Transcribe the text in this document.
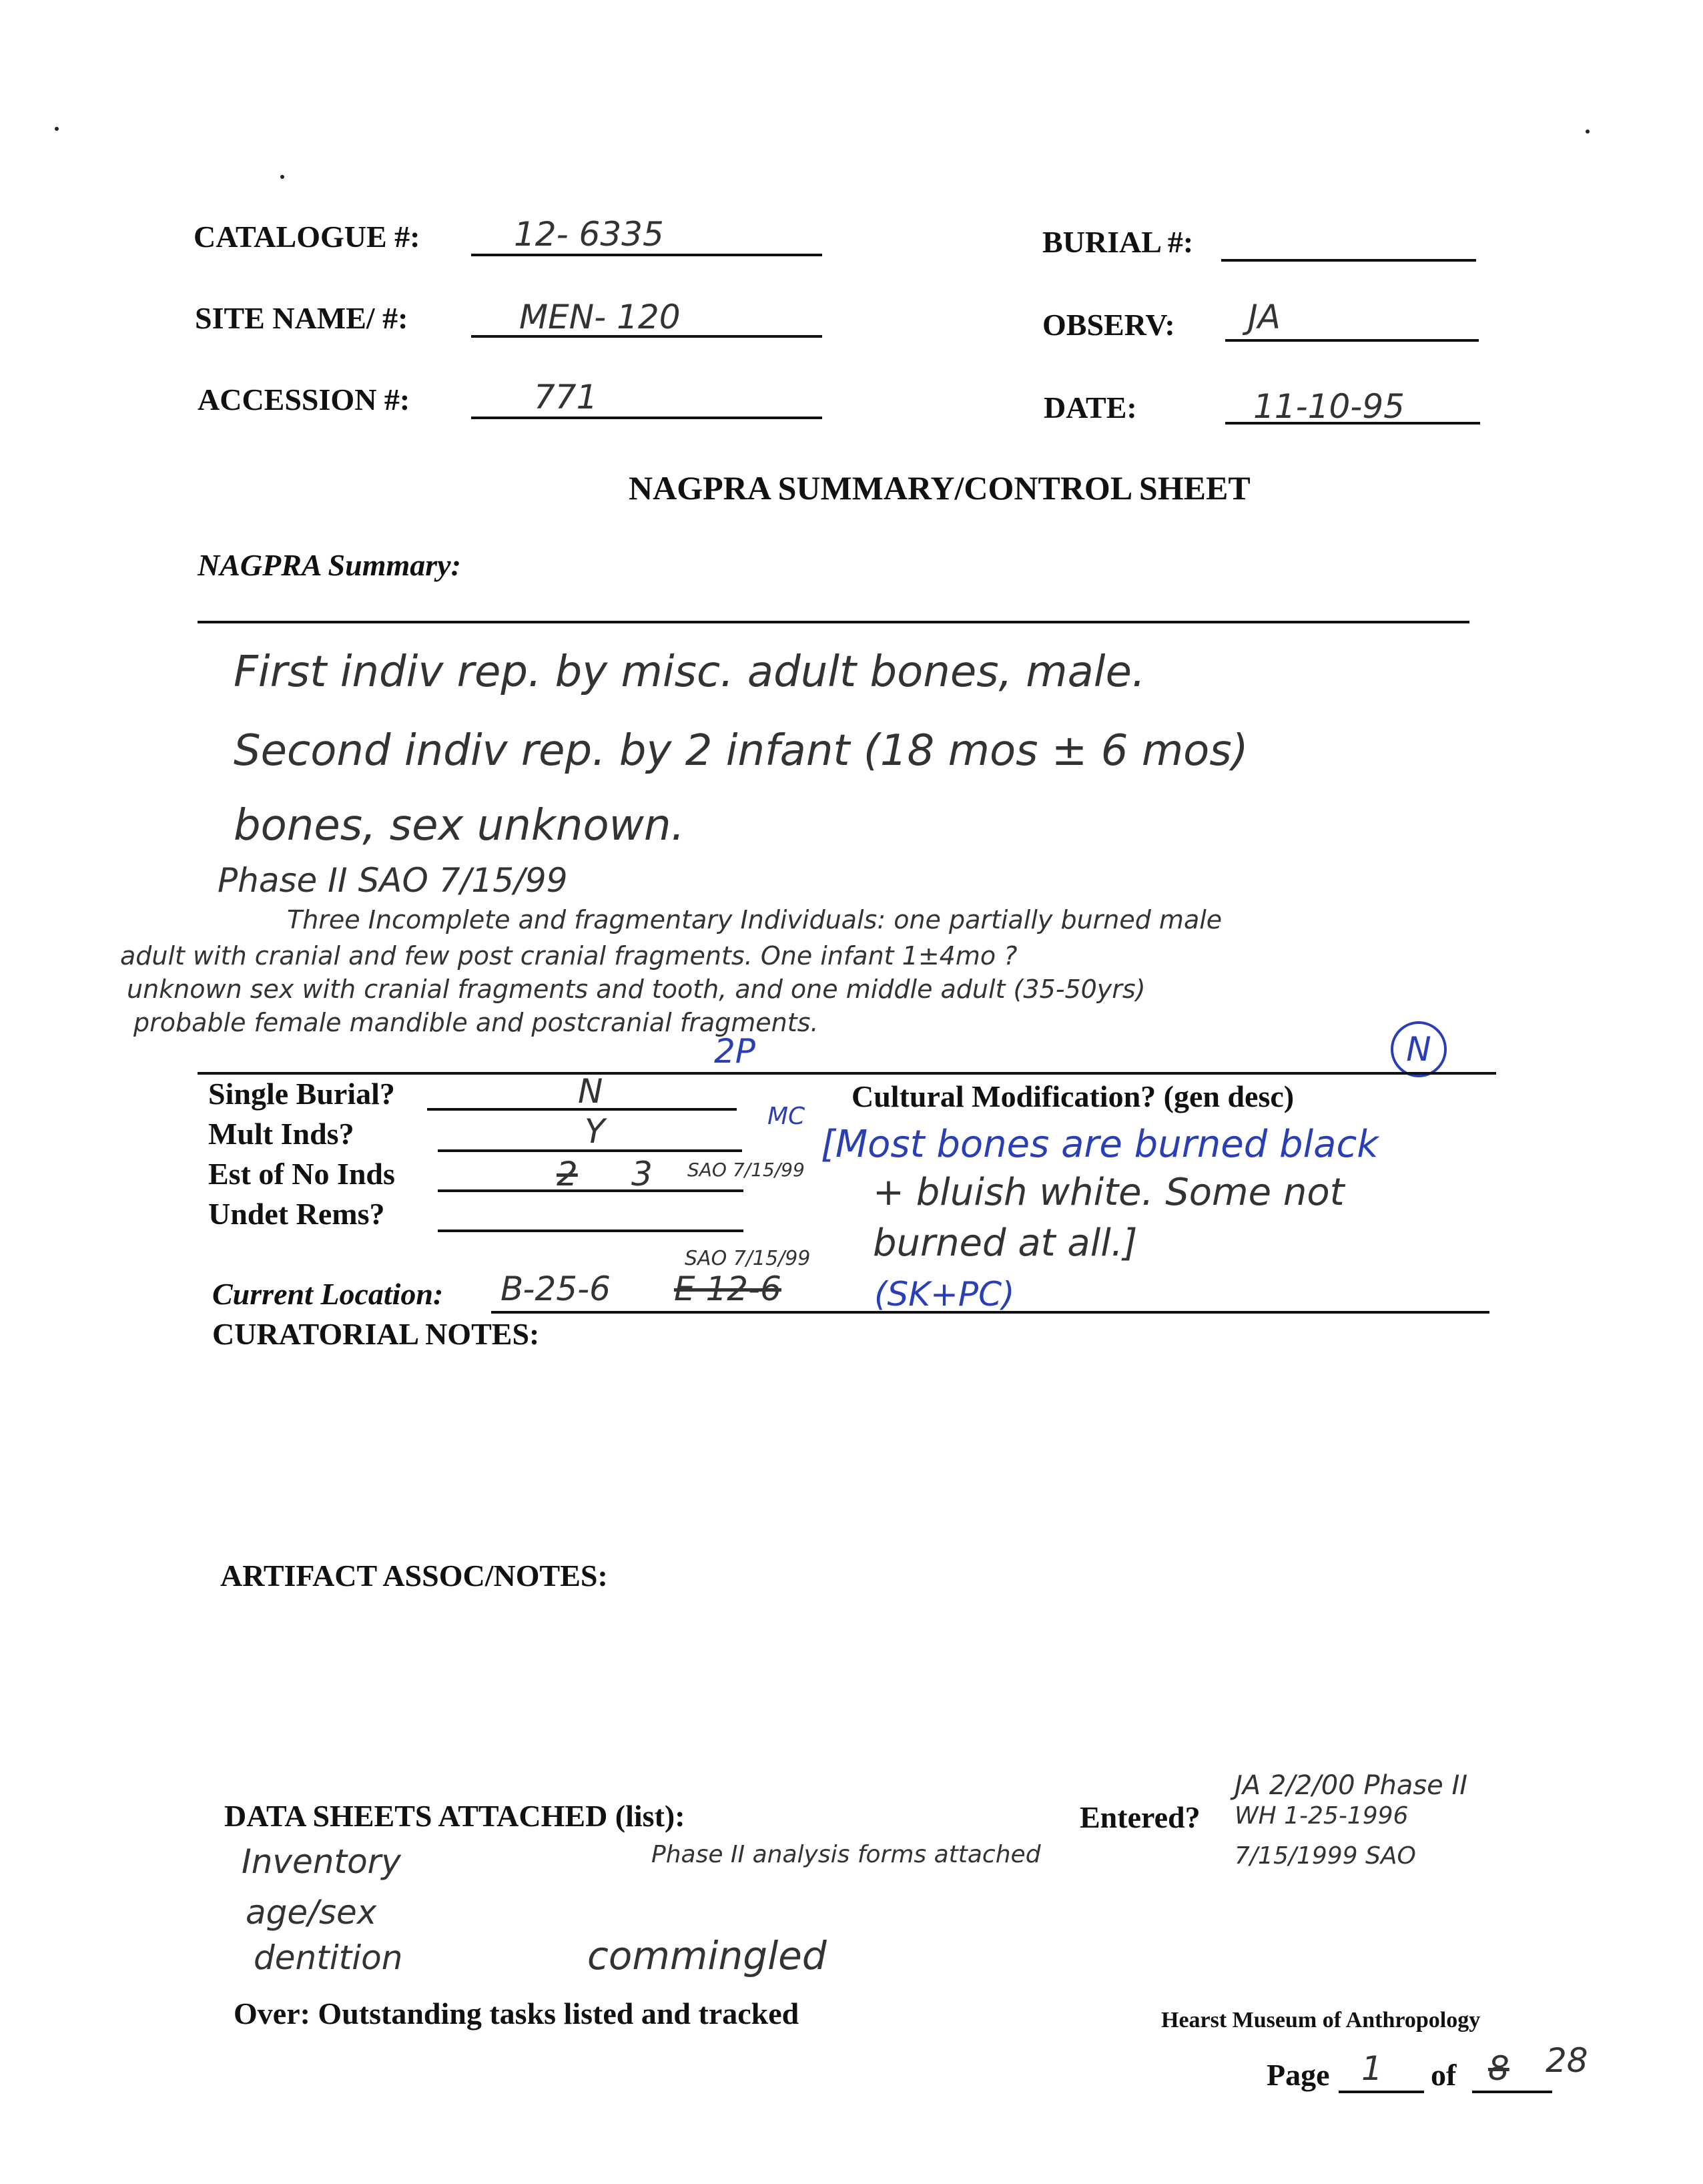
CATALOGUE #:	12- 6335	BURIAL #:
SITE NAME/ #:	MEN- 120	OBSERV: JA
ACCESSION #:	771	DATE:	11-10-95
NAGPRA SUMMARY/CONTROL SHEET
NAGPRA Summary:
First indiv rep. by misc. adult bones, male.
Second indiv rep. by 2 infant (18 mos ± 6 mos)
bones, sex unknown.
Phase II SAO 7/15/99
Three Incomplete and fragmentary Individuals: one partially burned male
adult with cranial and few post cranial fragments. One infant 1±4mo ?
unknown sex with cranial fragments and tooth, and one middle adult (35-50yrs)
probable female mandible and postcranial fragments.
2P	N
Single Burial?	N
Mult Inds?	Y
Est of No Inds	2 3 SAO 7/15/99
Undet Rems?
Cultural Modification? (gen desc)
MC
[Most bones are burned black
+ bluish white. Some not
burned at all.]
SAO 7/15/99
Current Location: B-25-6 E 12-6	(SK+PC)
CURATORIAL NOTES:
ARTIFACT ASSOC/NOTES:
DATA SHEETS ATTACHED (list):
Inventory
age/sex
dentition
Phase II analysis forms attached
commingled
Entered?
JA 2/2/00 Phase II
WH 1-25-1996
7/15/1999 SAO
Over: Outstanding tasks listed and tracked	Hearst Museum of Anthropology
Page 1 of 8 28
